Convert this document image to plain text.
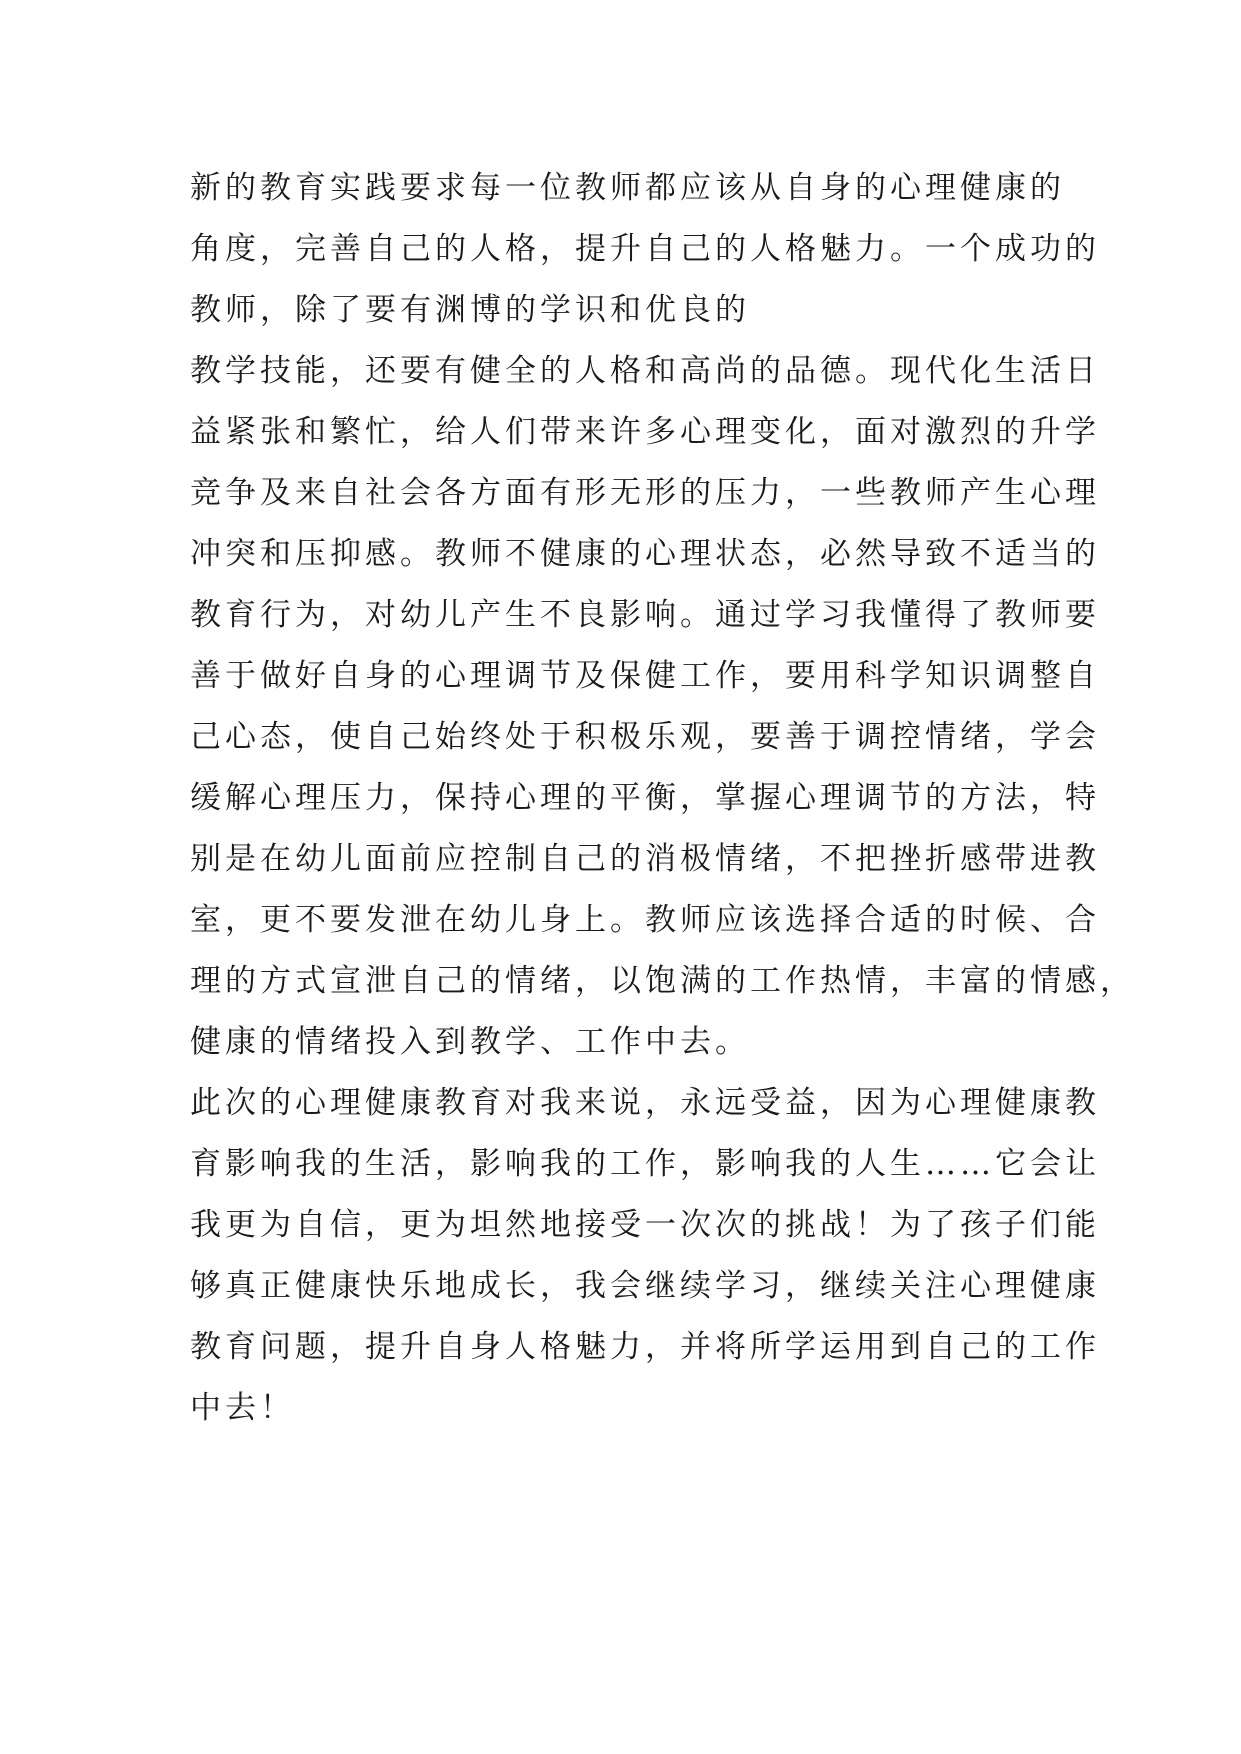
新的教育实践要求每一位教师都应该从自身的心理健康的
角度，完善自己的人格，提升自己的人格魅力。一个成功的
教师，除了要有渊博的学识和优良的
教学技能，还要有健全的人格和高尚的品德。现代化生活日
益紧张和繁忙，给人们带来许多心理变化，面对激烈的升学
竞争及来自社会各方面有形无形的压力，一些教师产生心理
冲突和压抑感。教师不健康的心理状态，必然导致不适当的
教育行为，对幼儿产生不良影响。通过学习我懂得了教师要
善于做好自身的心理调节及保健工作，要用科学知识调整自
己心态，使自己始终处于积极乐观，要善于调控情绪，学会
缓解心理压力，保持心理的平衡，掌握心理调节的方法，特
别是在幼儿面前应控制自己的消极情绪，不把挫折感带进教
室，更不要发泄在幼儿身上。教师应该选择合适的时候、合
理的方式宣泄自己的情绪，以饱满的工作热情，丰富的情感，
健康的情绪投入到教学、工作中去。
此次的心理健康教育对我来说，永远受益，因为心理健康教
育影响我的生活，影响我的工作，影响我的人生……它会让
我更为自信，更为坦然地接受一次次的挑战！为了孩子们能
够真正健康快乐地成长，我会继续学习，继续关注心理健康
教育问题，提升自身人格魅力，并将所学运用到自己的工作
中去！
